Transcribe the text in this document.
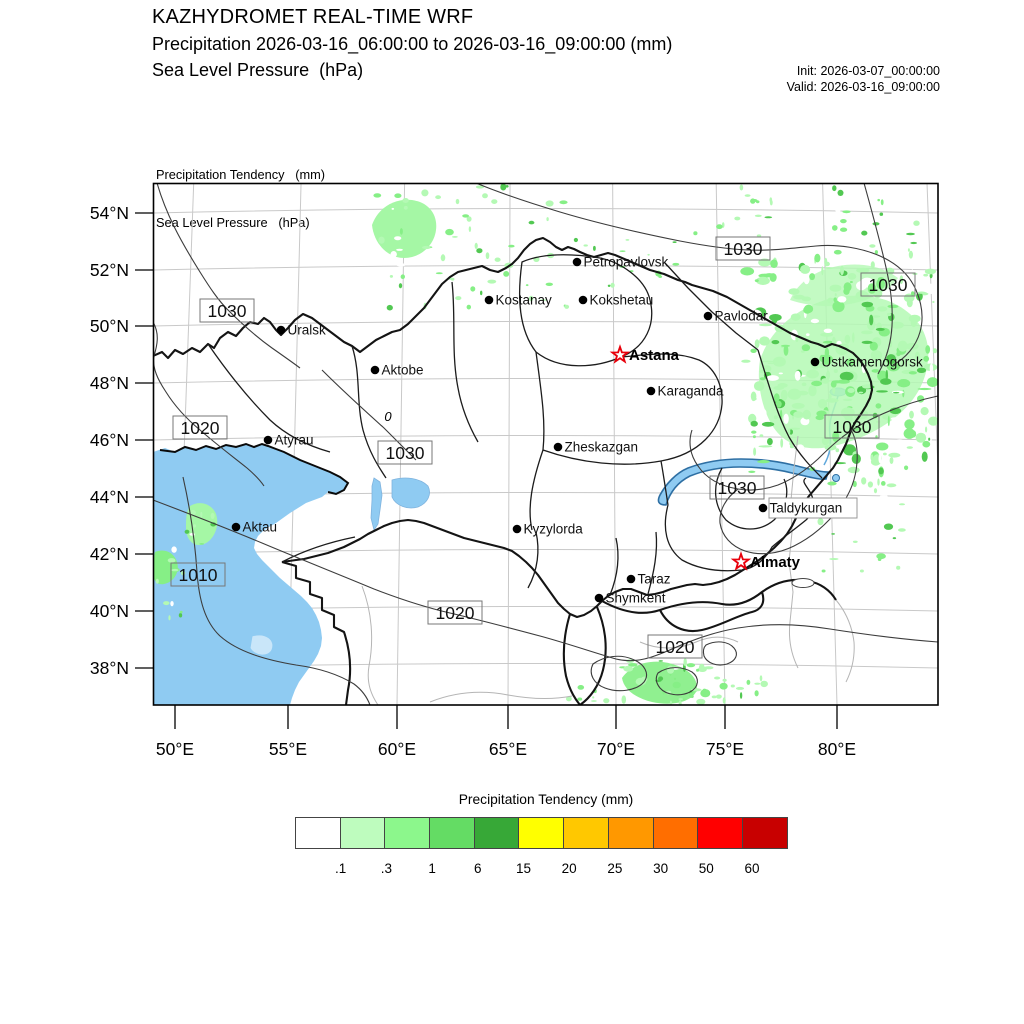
KAZHYDROMET REAL-TIME WRF
Precipitation 2026-03-16_06:00:00 to 2026-03-16_09:00:00 (mm)
Sea Level Pressure  (hPa)	Init: 2026-03-07_00:00:00
Valid: 2026-03-16_09:00:00

Precipitation Tendency   (mm)

Sea Level Pressure   (hPa)

54°N
52°N
50°N
48°N
46°N
44°N
42°N
40°N
38°N
50°E	55°E	60°E	65°E	70°E	75°E	80°E
0
1030
1020
1030
1030
1030
1030
1030
1010
1020
1020
Uralsk
Aktobe
Kostanay
Petropavlovsk
Kokshetau
Pavlodar
Astana
Karaganda
Ustkamenogorsk
Zheskazgan
Atyrau
Aktau	Kyzylorda
Taldykurgan
Almaty
Taraz
Shymkent
Precipitation Tendency (mm)
.1	.3	1	6	15 20 25 30 50 60
